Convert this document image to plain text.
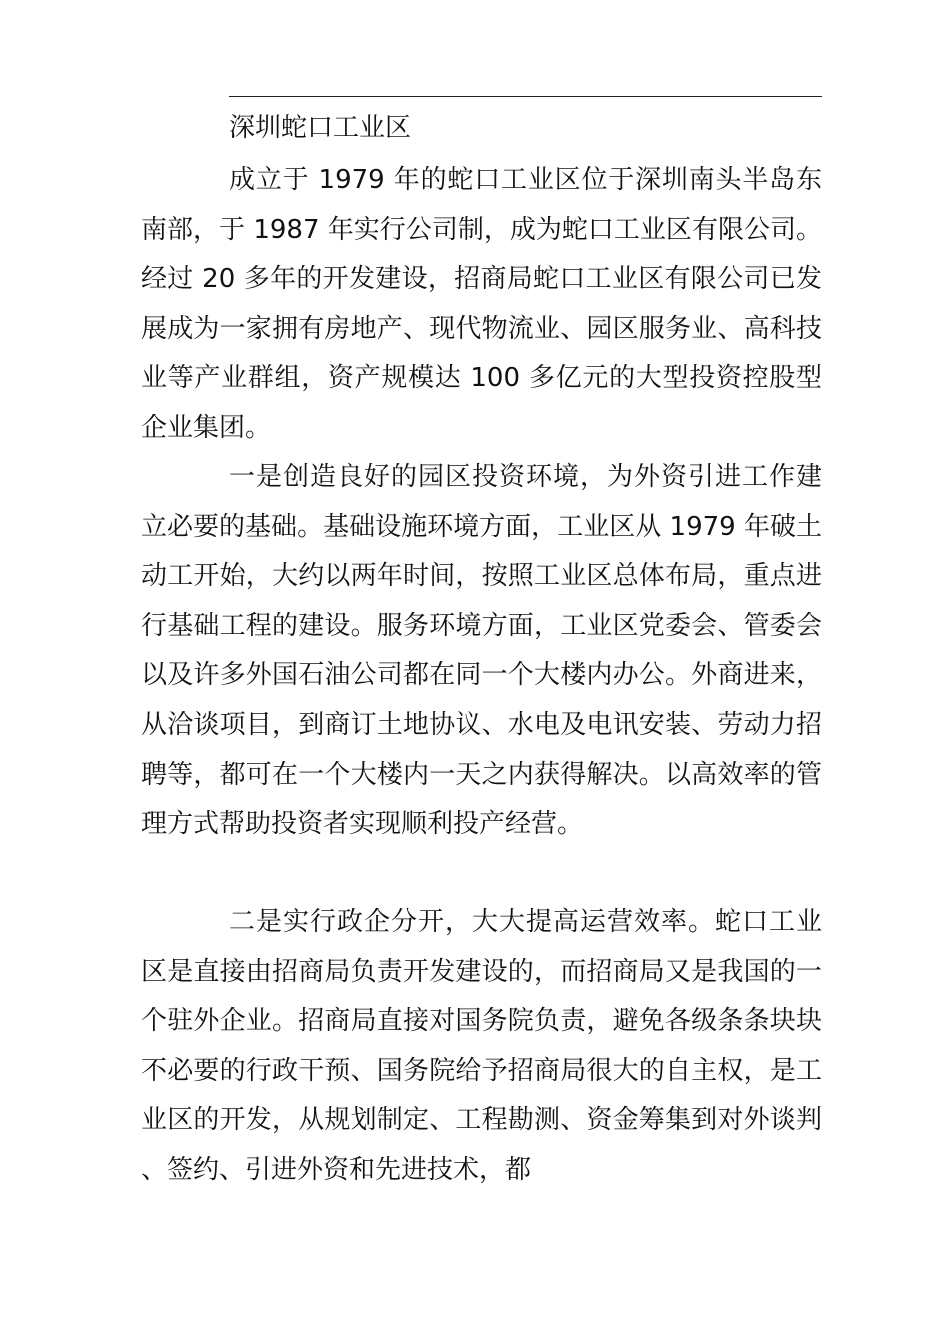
深圳蛇口工业区

成立于 1979 年的蛇口工业区位于深圳南头半岛东南部，于 1987 年实行公司制，成为蛇口工业区有限公司。经过 20 多年的开发建设，招商局蛇口工业区有限公司已发展成为一家拥有房地产、现代物流业、园区服务业、高科技业等产业群组，资产规模达 100 多亿元的大型投资控股型企业集团。

一是创造良好的园区投资环境，为外资引进工作建立必要的基础。基础设施环境方面，工业区从 1979 年破土动工开始，大约以两年时间，按照工业区总体布局，重点进行基础工程的建设。服务环境方面，工业区党委会、管委会以及许多外国石油公司都在同一个大楼内办公。外商进来，从洽谈项目，到商订土地协议、水电及电讯安装、劳动力招聘等，都可在一个大楼内一天之内获得解决。以高效率的管理方式帮助投资者实现顺利投产经营。

二是实行政企分开，大大提高运营效率。蛇口工业区是直接由招商局负责开发建设的，而招商局又是我国的一个驻外企业。招商局直接对国务院负责，避免各级条条块块不必要的行政干预、国务院给予招商局很大的自主权，是工业区的开发，从规划制定、工程勘测、资金筹集到对外谈判、签约、引进外资和先进技术，都
